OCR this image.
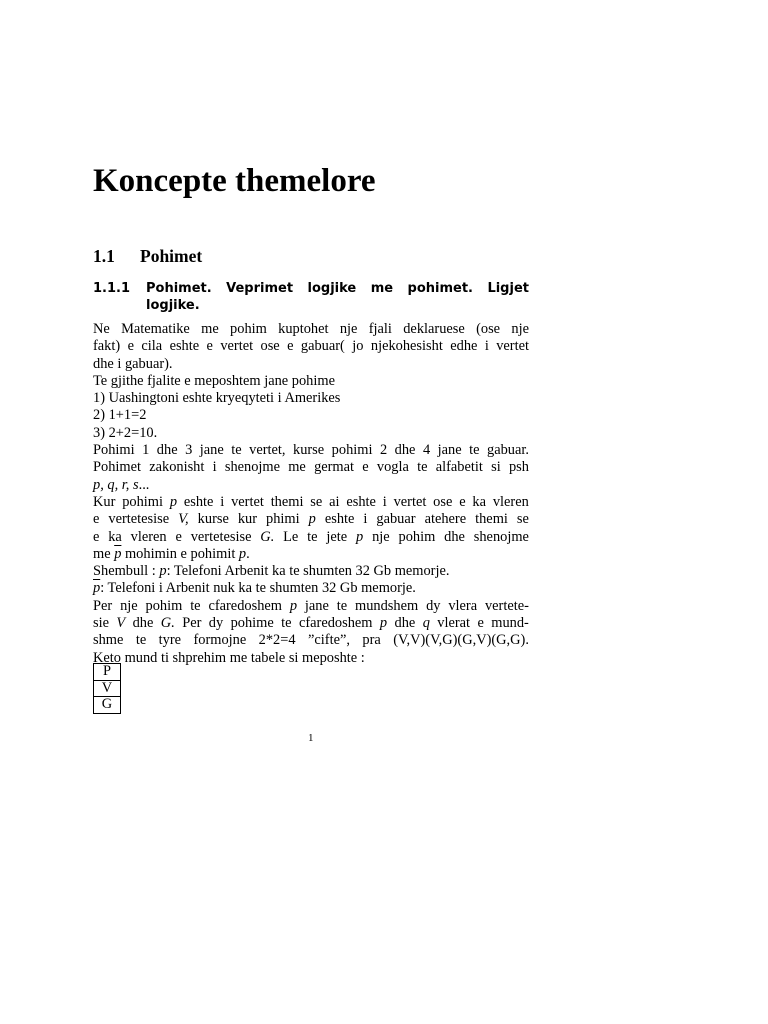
Koncepte themelore
1.1 Pohimet
1.1.1 Pohimet. Veprimet logjike me pohimet. Ligjet
logjike.
Ne Matematike me pohim kuptohet nje fjali deklaruese (ose nje
fakt) e cila eshte e vertet ose e gabuar( jo njekohesisht edhe i vertet
dhe i gabuar).
Te gjithe fjalite e meposhtem jane pohime
1) Uashingtoni eshte kryeqyteti i Amerikes
2) 1+1=2
3) 2+2=10.
Pohimi 1 dhe 3 jane te vertet, kurse pohimi 2 dhe 4 jane te gabuar.
Pohimet zakonisht i shenojme me germat e vogla te alfabetit si psh
p, q, r, s...
Kur pohimi p eshte i vertet themi se ai eshte i vertet ose e ka vleren
e vertetesise V, kurse kur phimi p eshte i gabuar atehere themi se
e ka vleren e vertetesise G. Le te jete p nje pohim dhe shenojme
me $\overline{p}$ mohimin e pohimit p.
Shembull : p: Telefoni Arbenit ka te shumten 32 Gb memorje.
$\overline{p}$: Telefoni i Arbenit nuk ka te shumten 32 Gb memorje.
Per nje pohim te cfaredoshem p jane te mundshem dy vlera vertete-
sie V dhe G. Per dy pohime te cfaredoshem p dhe q vlerat e mund-
shme te tyre formojne 2*2=4 ”cifte”, pra (V,V)(V,G)(G,V)(G,G).
Keto mund ti shprehim me tabele si meposhte :
P
V
G
1
